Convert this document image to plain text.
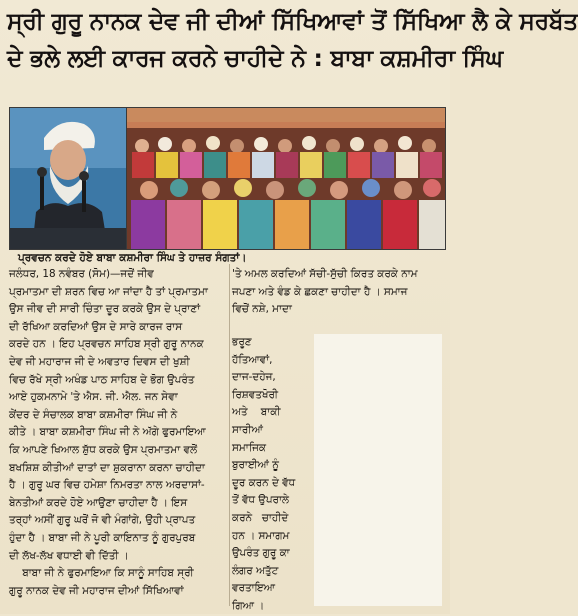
ਸ੍ਰੀ ਗੁਰੂ ਨਾਨਕ ਦੇਵ ਜੀ ਦੀਆਂ ਸਿੱਖਿਆਵਾਂ ਤੋਂ ਸਿੱਖਿਆ ਲੈ ਕੇ ਸਰਬੱਤ
ਦੇ ਭਲੇ ਲਈ ਕਾਰਜ ਕਰਨੇ ਚਾਹੀਦੇ ਨੇ : ਬਾਬਾ ਕਸ਼ਮੀਰਾ ਸਿੰਘ
ਪ੍ਰਵਚਨ ਕਰਦੇ ਹੋਏ ਬਾਬਾ ਕਸ਼ਮੀਰਾ ਸਿੰਘ ਤੇ ਹਾਜ਼ਰ ਸੰਗਤਾਂ।
ਜਲੰਧਰ, 18 ਨਵੰਬਰ (ਸੋਮ)—ਜਦੋਂ ਜੀਵ
ਪ੍ਰਮਾਤਮਾ ਦੀ ਸ਼ਰਨ ਵਿਚ ਆ ਜਾਂਦਾ ਹੈ ਤਾਂ ਪ੍ਰਮਾਤਮਾ
ਉਸ ਜੀਵ ਦੀ ਸਾਰੀ ਚਿੰਤਾ ਦੂਰ ਕਰਕੇ ਉਸ ਦੇ ਪ੍ਰਾਣਾਂ
ਦੀ ਰੱਖਿਆ ਕਰਦਿਆਂ ਉਸ ਦੇ ਸਾਰੇ ਕਾਰਜ ਰਾਸ
ਕਰਦੇ ਹਨ । ਇਹ ਪ੍ਰਵਚਨ ਸਾਹਿਬ ਸ੍ਰੀ ਗੁਰੂ ਨਾਨਕ
ਦੇਵ ਜੀ ਮਹਾਰਾਜ ਜੀ ਦੇ ਅਵਤਾਰ ਦਿਵਸ ਦੀ ਖੁਸ਼ੀ
ਵਿਚ ਰੱਖੇ ਸ੍ਰੀ ਅਖੰਡ ਪਾਠ ਸਾਹਿਬ ਦੇ ਭੋਗ ਉਪਰੰਤ
ਆਏ ਹੁਕਮਨਾਮੇ 'ਤੇ ਐਸ. ਜੀ. ਐਲ. ਜਨ ਸੇਵਾ
ਕੇਂਦਰ ਦੇ ਸੰਚਾਲਕ ਬਾਬਾ ਕਸ਼ਮੀਰਾ ਸਿੰਘ ਜੀ ਨੇ
ਕੀਤੇ । ਬਾਬਾ ਕਸ਼ਮੀਰਾ ਸਿੰਘ ਜੀ ਨੇ ਅੱਗੇ ਫੁਰਮਾਇਆ
ਕਿ ਆਪਣੇ ਖਿਆਲ ਸ਼ੁੱਧ ਕਰਕੇ ਉਸ ਪ੍ਰਮਾਤਮਾ ਵਲੋਂ
ਬਖਸ਼ਿਸ਼ ਕੀਤੀਆਂ ਦਾਤਾਂ ਦਾ ਸ਼ੁਕਰਾਨਾ ਕਰਨਾ ਚਾਹੀਦਾ
ਹੈ । ਗੁਰੂ ਘਰ ਵਿਚ ਹਮੇਸ਼ਾ ਨਿਮਰਤਾ ਨਾਲ ਅਰਦਾਸਾਂ-
ਬੇਨਤੀਆਂ ਕਰਦੇ ਹੋਏ ਆਉਣਾ ਚਾਹੀਦਾ ਹੈ । ਇਸ
ਤਰ੍ਹਾਂ ਅਸੀਂ ਗੁਰੂ ਘਰੋਂ ਜੋ ਵੀ ਮੰਗਾਂਗੇ, ਉਹੀ ਪ੍ਰਾਪਤ
ਹੁੰਦਾ ਹੈ । ਬਾਬਾ ਜੀ ਨੇ ਪੂਰੀ ਕਾਇਨਾਤ ਨੂੰ ਗੁਰਪੁਰਬ
ਦੀ ਲੱਖ-ਲੱਖ ਵਧਾਈ ਵੀ ਦਿੱਤੀ ।
ਬਾਬਾ ਜੀ ਨੇ ਫੁਰਮਾਇਆ ਕਿ ਸਾਨੂੰ ਸਾਹਿਬ ਸ੍ਰੀ
ਗੁਰੂ ਨਾਨਕ ਦੇਵ ਜੀ ਮਹਾਰਾਜ ਦੀਆਂ ਸਿੱਖਿਆਵਾਂ
'ਤੇ ਅਮਲ ਕਰਦਿਆਂ ਸੱਚੀ-ਸੁੱਚੀ ਕਿਰਤ ਕਰਕੇ ਨਾਮ
ਜਪਣਾ ਅਤੇ ਵੰਡ ਕੇ ਛਕਣਾ ਚਾਹੀਦਾ ਹੈ । ਸਮਾਜ
ਵਿਚੋਂ ਨਸ਼ੇ, ਮਾਦਾ
ਭਰੂਣ
ਹੱਤਿਆਵਾਂ,
ਦਾਜ-ਦਹੇਜ,
ਰਿਸ਼ਵਤਖੋਰੀ
ਅਤੇ    ਬਾਕੀ
ਸਾਰੀਆਂ
ਸਮਾਜਿਕ
ਬੁਰਾਈਆਂ ਨੂੰ
ਦੂਰ ਕਰਨ ਦੇ ਵੱਧ
ਤੋਂ ਵੱਧ ਉਪਰਾਲੇ
ਕਰਨੇ   ਚਾਹੀਦੇ
ਹਨ । ਸਮਾਗਮ
ਉਪਰੰਤ ਗੁਰੂ ਕਾ
ਲੰਗਰ ਅਤੁੱਟ
ਵਰਤਾਇਆ
ਗਿਆ ।
